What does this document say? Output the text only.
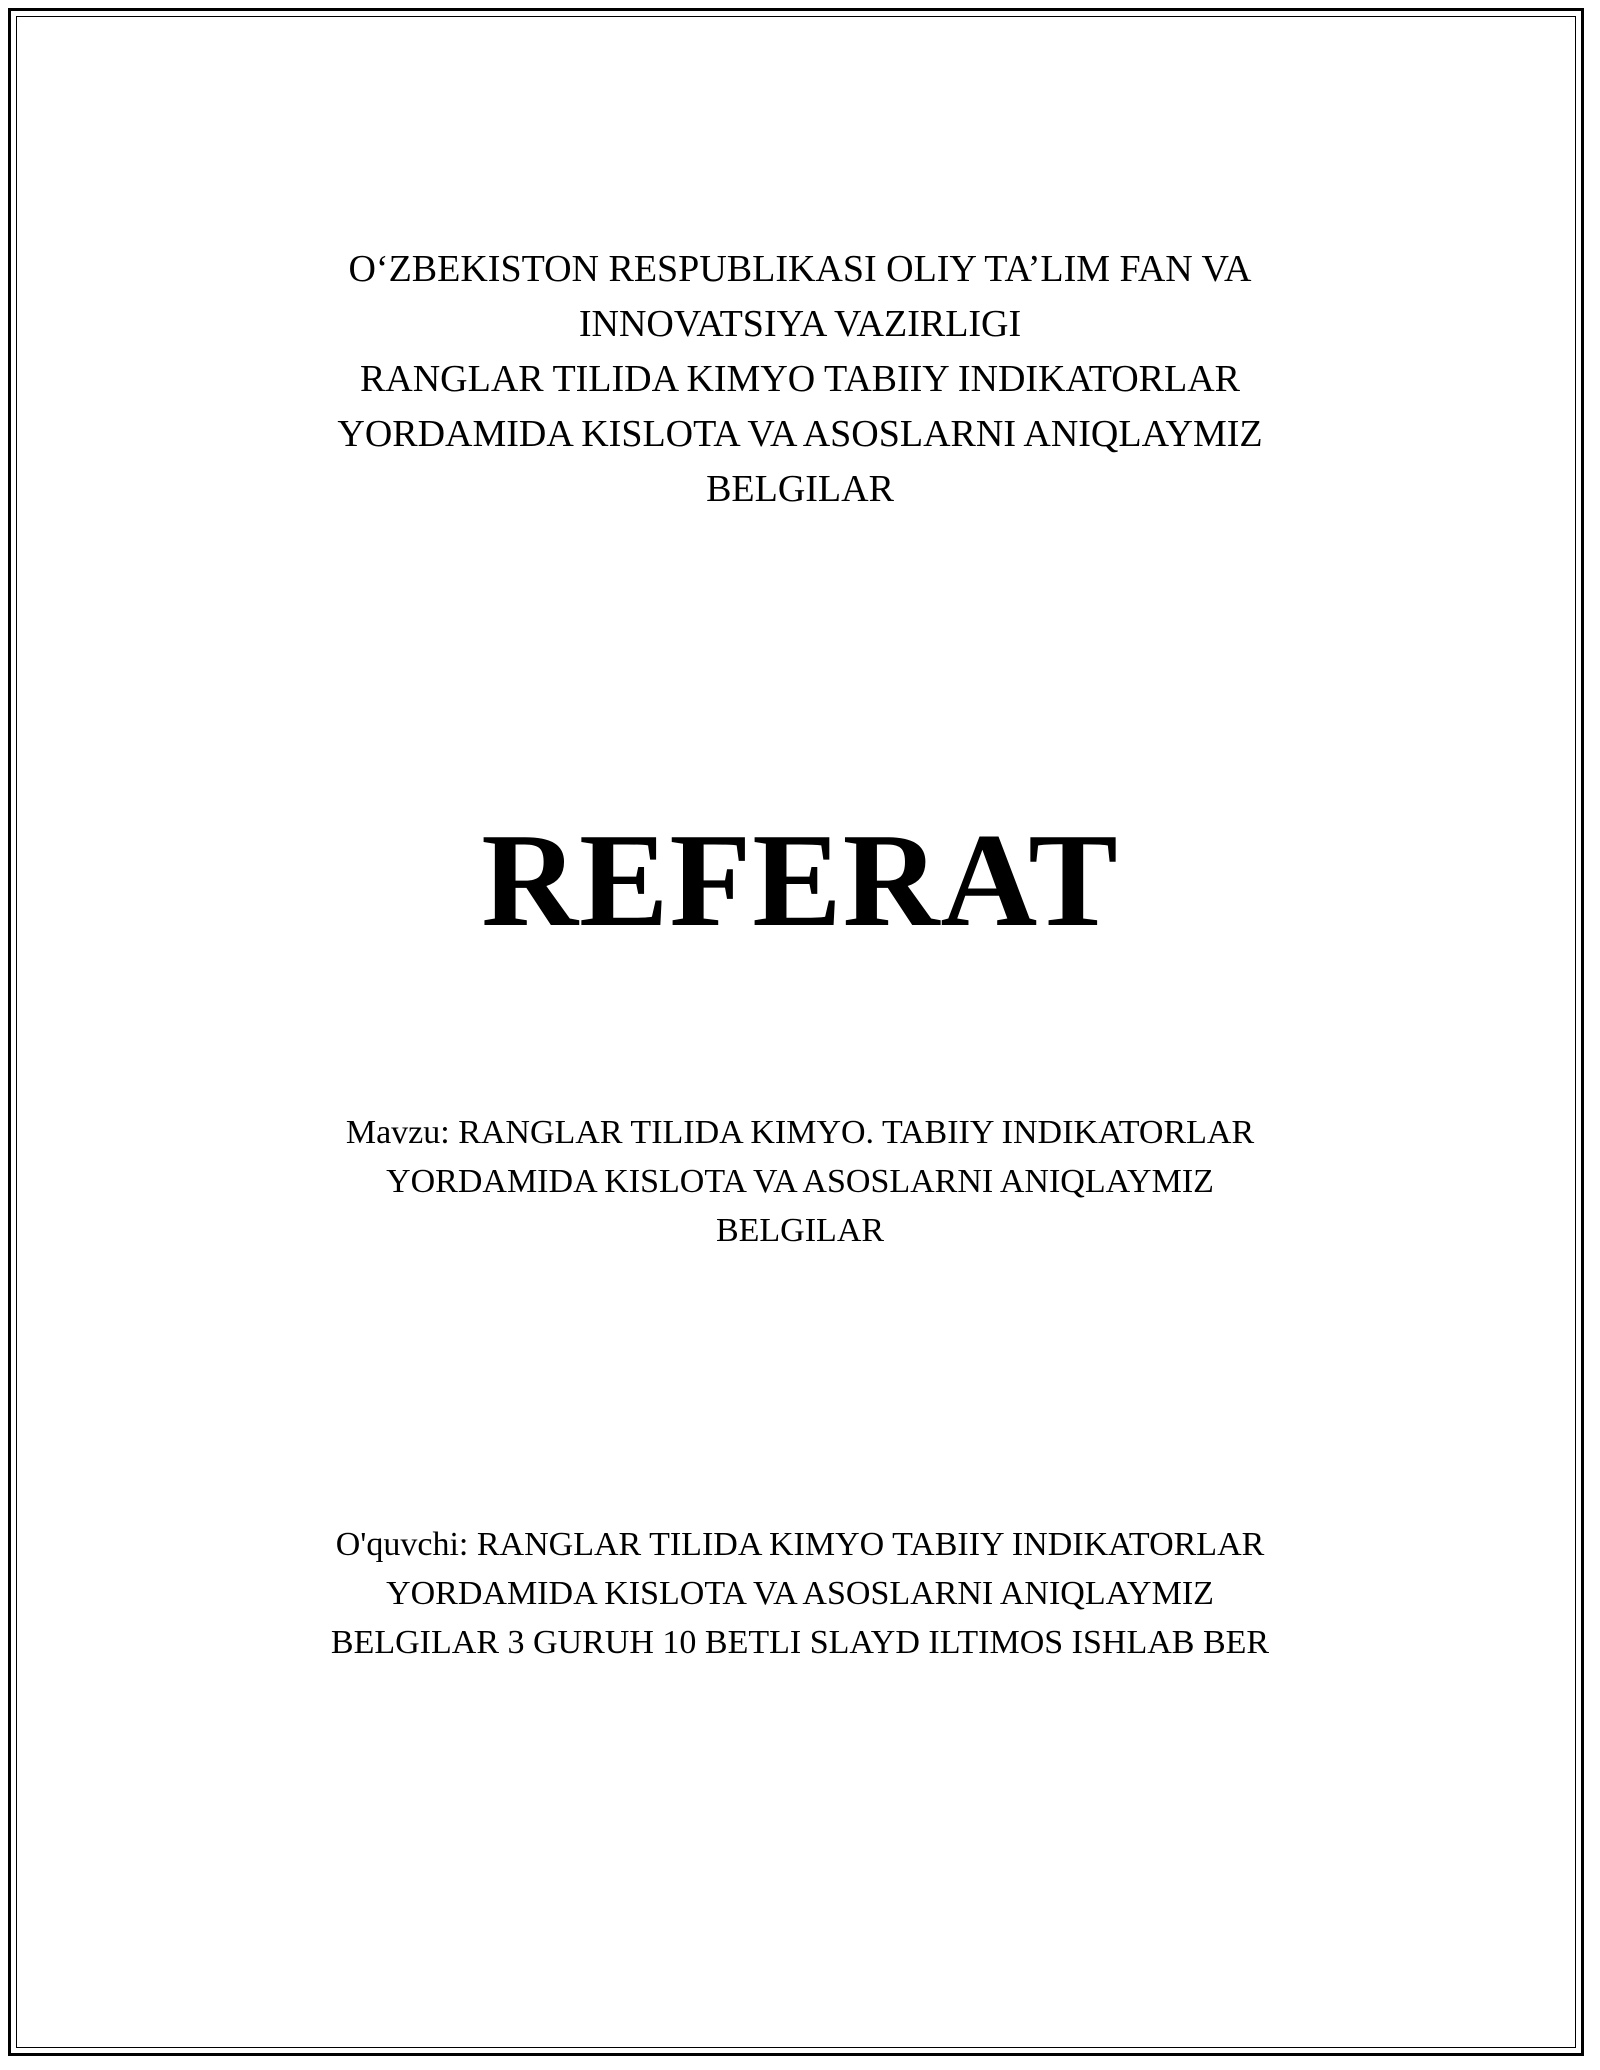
O‘ZBEKISTON RESPUBLIKASI OLIY TA’LIM FAN VA
INNOVATSIYA VAZIRLIGI
RANGLAR TILIDA KIMYO TABIIY INDIKATORLAR
YORDAMIDA KISLOTA VA ASOSLARNI ANIQLAYMIZ
BELGILAR
REFERAT
Mavzu: RANGLAR TILIDA KIMYO. TABIIY INDIKATORLAR
YORDAMIDA KISLOTA VA ASOSLARNI ANIQLAYMIZ
BELGILAR
O'quvchi: RANGLAR TILIDA KIMYO TABIIY INDIKATORLAR
YORDAMIDA KISLOTA VA ASOSLARNI ANIQLAYMIZ
BELGILAR 3 GURUH 10 BETLI SLAYD ILTIMOS ISHLAB BER
